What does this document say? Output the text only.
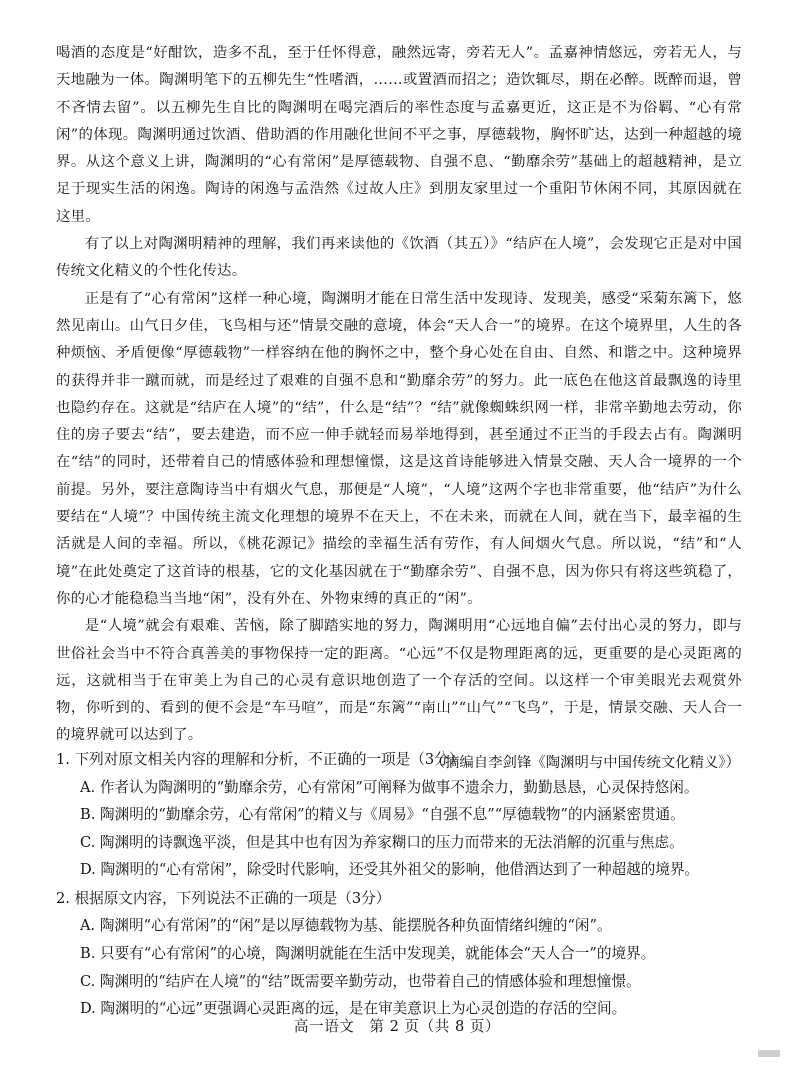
喝酒的态度是“好酣饮，造多不乱，至于任怀得意，融然远寄，旁若无人”。孟嘉神情悠远，旁若无人，与天地融为一体。陶渊明笔下的五柳先生“性嗜酒，……或置酒而招之；造饮辄尽，期在必醉。既醉而退，曾不吝情去留”。以五柳先生自比的陶渊明在喝完酒后的率性态度与孟嘉更近，这正是不为俗羁、“心有常闲”的体现。陶渊明通过饮酒、借助酒的作用融化世间不平之事，厚德载物，胸怀旷达，达到一种超越的境界。从这个意义上讲，陶渊明的“心有常闲”是厚德载物、自强不息、“勤靡余劳”基础上的超越精神，是立足于现实生活的闲逸。陶诗的闲逸与孟浩然《过故人庄》到朋友家里过一个重阳节休闲不同，其原因就在这里。

有了以上对陶渊明精神的理解，我们再来读他的《饮酒（其五）》“结庐在人境”，会发现它正是对中国传统文化精义的个性化传达。

正是有了“心有常闲”这样一种心境，陶渊明才能在日常生活中发现诗、发现美，感受“采菊东篱下，悠然见南山。山气日夕佳，飞鸟相与还”情景交融的意境，体会“天人合一”的境界。在这个境界里，人生的各种烦恼、矛盾便像“厚德载物”一样容纳在他的胸怀之中，整个身心处在自由、自然、和谐之中。这种境界的获得并非一蹴而就，而是经过了艰难的自强不息和“勤靡余劳”的努力。此一底色在他这首最飘逸的诗里也隐约存在。这就是“结庐在人境”的“结”，什么是“结”？“结”就像蜘蛛织网一样，非常辛勤地去劳动，你住的房子要去“结”，要去建造，而不应一伸手就轻而易举地得到，甚至通过不正当的手段去占有。陶渊明在“结”的同时，还带着自己的情感体验和理想憧憬，这是这首诗能够进入情景交融、天人合一境界的一个前提。另外，要注意陶诗当中有烟火气息，那便是“人境”，“人境”这两个字也非常重要，他“结庐”为什么要结在“人境”？中国传统主流文化理想的境界不在天上，不在未来，而就在人间，就在当下，最幸福的生活就是人间的幸福。所以，《桃花源记》描绘的幸福生活有劳作，有人间烟火气息。所以说，“结”和“人境”在此处奠定了这首诗的根基，它的文化基因就在于“勤靡余劳”、自强不息，因为你只有将这些筑稳了，你的心才能稳稳当当地“闲”，没有外在、外物束缚的真正的“闲”。

是“人境”就会有艰难、苦恼，除了脚踏实地的努力，陶渊明用“心远地自偏”去付出心灵的努力，即与世俗社会当中不符合真善美的事物保持一定的距离。“心远”不仅是物理距离的远，更重要的是心灵距离的远，这就相当于在审美上为自己的心灵有意识地创造了一个存活的空间。以这样一个审美眼光去观赏外物，你听到的、看到的便不会是“车马喧”，而是“东篱”“南山”“山气”“飞鸟”，于是，情景交融、天人合一的境界就可以达到了。

（摘编自李剑锋《陶渊明与中国传统文化精义》）

1. 下列对原文相关内容的理解和分析，不正确的一项是（3分）

A. 作者认为陶渊明的“勤靡余劳，心有常闲”可阐释为做事不遗余力，勤勤恳恳，心灵保持悠闲。

B. 陶渊明的“勤靡余劳，心有常闲”的精义与《周易》“自强不息”“厚德载物”的内涵紧密贯通。

C. 陶渊明的诗飘逸平淡，但是其中也有因为养家糊口的压力而带来的无法消解的沉重与焦虑。

D. 陶渊明的“心有常闲”，除受时代影响，还受其外祖父的影响，他借酒达到了一种超越的境界。

2. 根据原文内容，下列说法不正确的一项是（3分）

A. 陶渊明“心有常闲”的“闲”是以厚德载物为基、能摆脱各种负面情绪纠缠的“闲”。

B. 只要有“心有常闲”的心境，陶渊明就能在生活中发现美，就能体会“天人合一”的境界。

C. 陶渊明的“结庐在人境”的“结”既需要辛勤劳动，也带着自己的情感体验和理想憧憬。

D. 陶渊明的“心远”更强调心灵距离的远，是在审美意识上为心灵创造的存活的空间。

高一语文　第 2 页（共 8 页）
